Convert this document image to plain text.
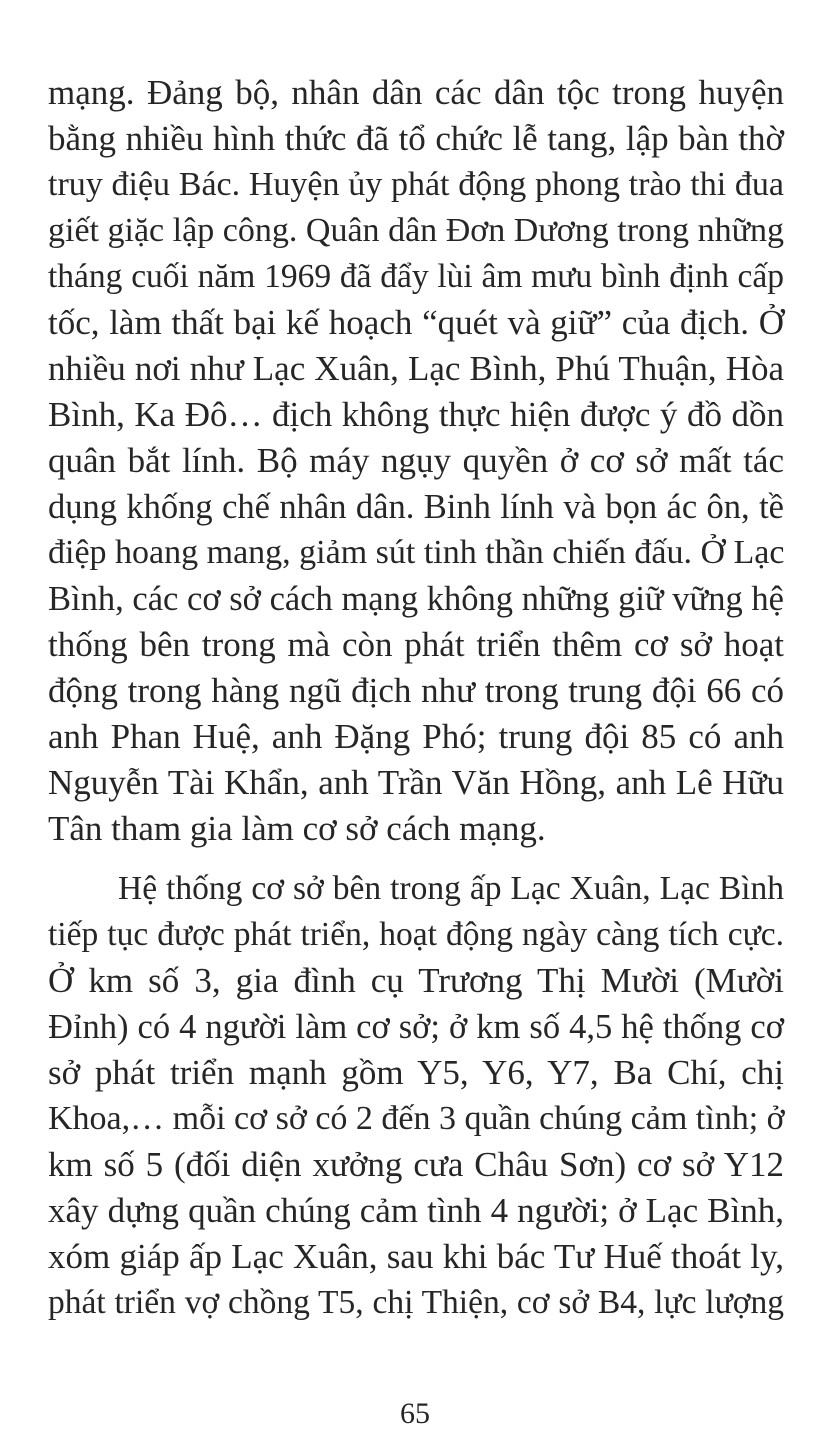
mạng. Đảng bộ, nhân dân các dân tộc trong huyện

bằng nhiều hình thức đã tổ chức lễ tang, lập bàn thờ

truy điệu Bác. Huyện ủy phát động phong trào thi đua

giết giặc lập công. Quân dân Đơn Dương trong những

tháng cuối năm 1969 đã đẩy lùi âm mưu bình định cấp

tốc, làm thất bại kế hoạch “quét và giữ” của địch. Ở

nhiều nơi như Lạc Xuân, Lạc Bình, Phú Thuận, Hòa

Bình, Ka Đô… địch không thực hiện được ý đồ dồn

quân bắt lính. Bộ máy ngụy quyền ở cơ sở mất tác

dụng khống chế nhân dân. Binh lính và bọn ác ôn, tề

điệp hoang mang, giảm sút tinh thần chiến đấu. Ở Lạc

Bình, các cơ sở cách mạng không những giữ vững hệ

thống bên trong mà còn phát triển thêm cơ sở hoạt

động trong hàng ngũ địch như trong trung đội 66 có

anh Phan Huệ, anh Đặng Phó; trung đội 85 có anh

Nguyễn Tài Khẩn, anh Trần Văn Hồng, anh Lê Hữu

Tân tham gia làm cơ sở cách mạng.

Hệ thống cơ sở bên trong ấp Lạc Xuân, Lạc Bình

tiếp tục được phát triển, hoạt động ngày càng tích cực.

Ở km số 3, gia đình cụ Trương Thị Mười (Mười

Đỉnh) có 4 người làm cơ sở; ở km số 4,5 hệ thống cơ

sở phát triển mạnh gồm Y5, Y6, Y7, Ba Chí, chị

Khoa,… mỗi cơ sở có 2 đến 3 quần chúng cảm tình; ở

km số 5 (đối diện xưởng cưa Châu Sơn) cơ sở Y12

xây dựng quần chúng cảm tình 4 người; ở Lạc Bình,

xóm giáp ấp Lạc Xuân, sau khi bác Tư Huế thoát ly,

phát triển vợ chồng T5, chị Thiện, cơ sở B4, lực lượng

65
